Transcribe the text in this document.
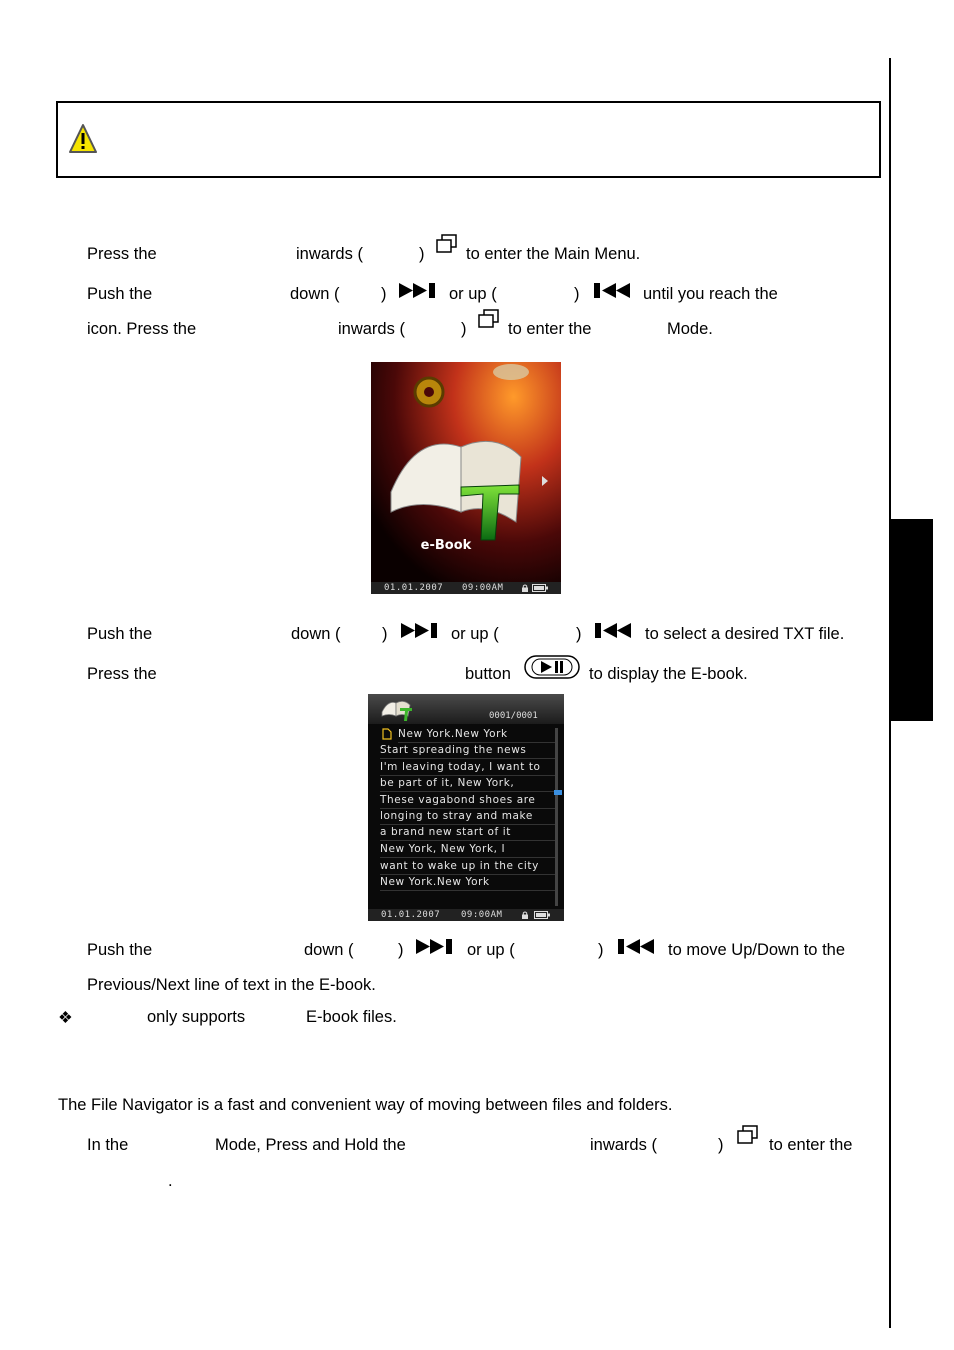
Press the	inwards (	)	to enter the Main Menu.
Push the	down (	)	or up (	)	until you reach the
icon. Press the	inwards (	)	to enter the	Mode.
e-Book
01.01.2007 09:00AM
Push the	down (	)	or up (	)	to select a desired TXT file.
Press the	button	to display the E-book.
0001/0001
New York.New York
Start spreading the news
I'm leaving today, I want to
be part of it, New York,
These vagabond shoes are
longing to stray and make
a brand new start of it
New York, New York, I
want to wake up in the city
New York.New York
01.01.2007 09:00AM
Push the	down (	)	or up (	)	to move Up/Down to the
Previous/Next line of text in the E-book.
❖	only supports	E-book files.
The File Navigator is a fast and convenient way of moving between files and folders.
In the	Mode, Press and Hold the	inwards (	)	to enter the
.
